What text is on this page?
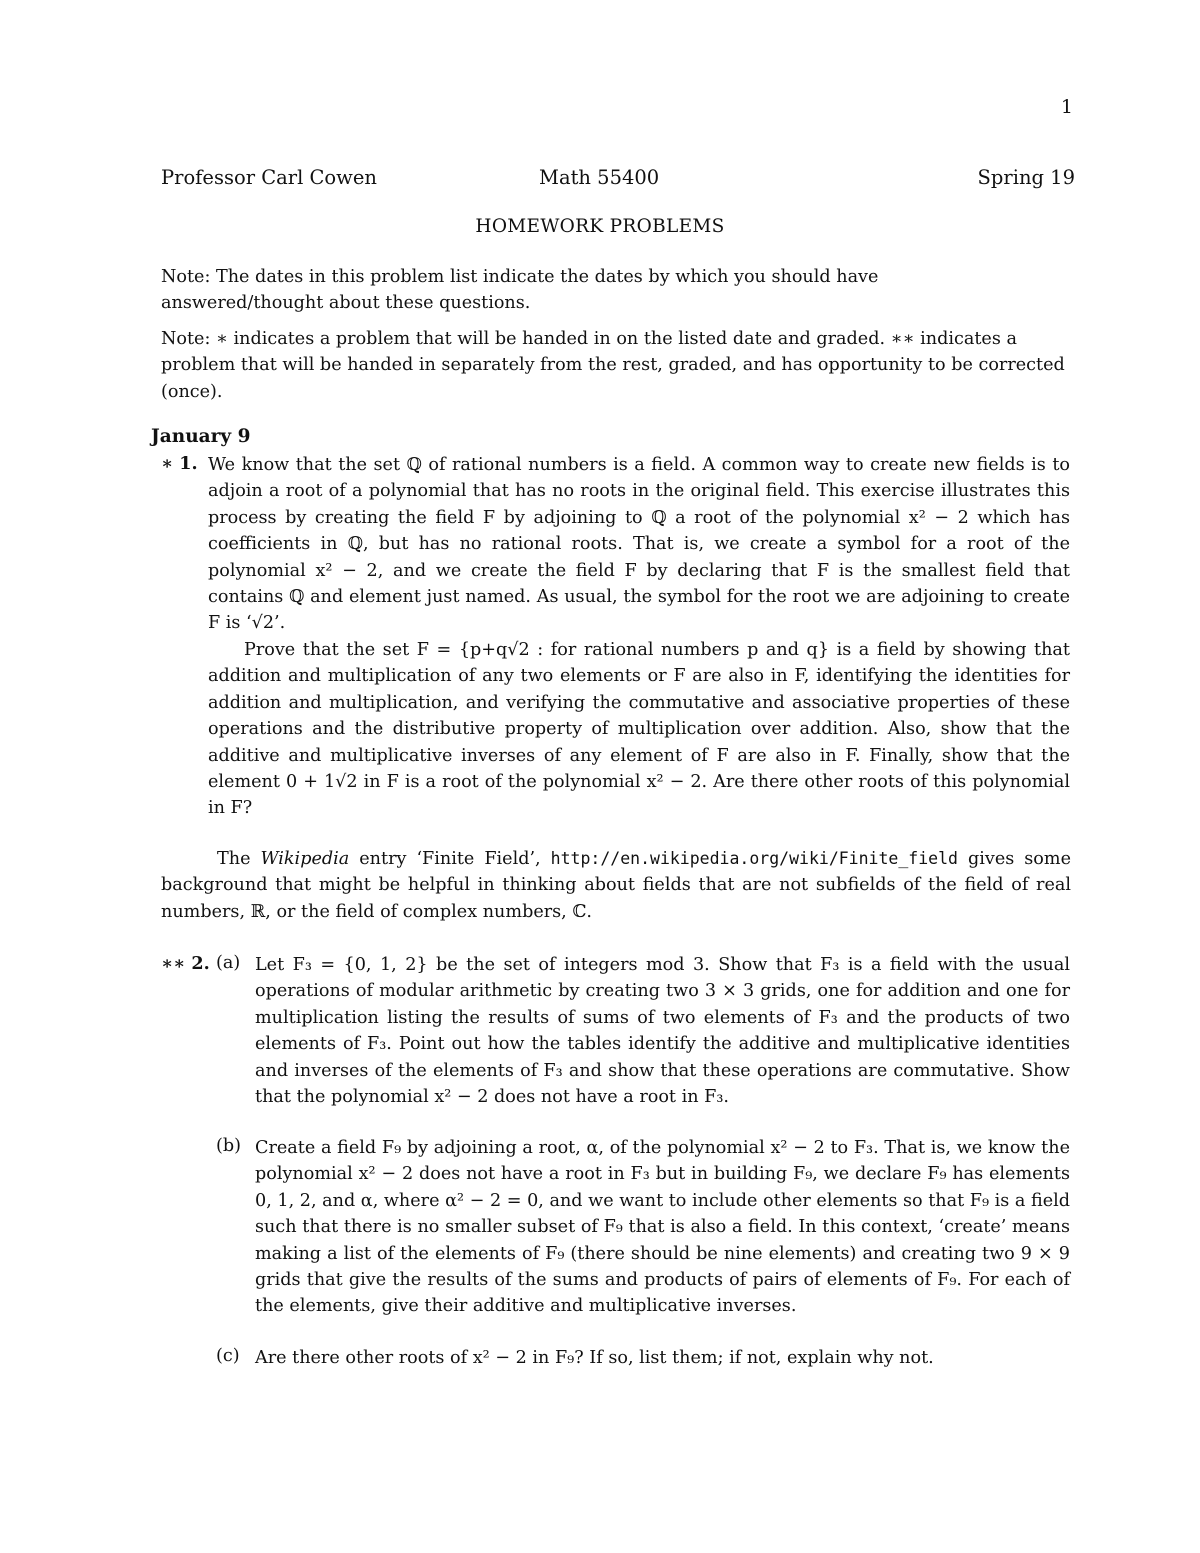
1
Professor Carl Cowen	Math 55400	Spring 19
HOMEWORK PROBLEMS
Note: The dates in this problem list indicate the dates by which you should have answered/thought about these questions.
Note: ∗ indicates a problem that will be handed in on the listed date and graded. ∗∗ indicates a problem that will be handed in separately from the rest, graded, and has opportunity to be corrected (once).
January 9
∗ 1. We know that the set ℚ of rational numbers is a field. A common way to create new fields is to adjoin a root of a polynomial that has no roots in the original field. This exercise illustrates this process by creating the field F by adjoining to ℚ a root of the polynomial x² − 2 which has coefficients in ℚ, but has no rational roots. That is, we create a symbol for a root of the polynomial x² − 2, and we create the field F by declaring that F is the smallest field that contains ℚ and element just named. As usual, the symbol for the root we are adjoining to create F is ‘√2’.
Prove that the set F = {p+q√2 : for rational numbers p and q} is a field by showing that addition and multiplication of any two elements or F are also in F, identifying the identities for addition and multiplication, and verifying the commutative and associative properties of these operations and the distributive property of multiplication over addition. Also, show that the additive and multiplicative inverses of any element of F are also in F. Finally, show that the element 0 + 1√2 in F is a root of the polynomial x² − 2. Are there other roots of this polynomial in F?
The Wikipedia entry ‘Finite Field’, http://en.wikipedia.org/wiki/Finite_field gives some background that might be helpful in thinking about fields that are not subfields of the field of real numbers, ℝ, or the field of complex numbers, ℂ.
∗∗ 2. (a) Let F₃ = {0, 1, 2} be the set of integers mod 3. Show that F₃ is a field with the usual operations of modular arithmetic by creating two 3 × 3 grids, one for addition and one for multiplication listing the results of sums of two elements of F₃ and the products of two elements of F₃. Point out how the tables identify the additive and multiplicative identities and inverses of the elements of F₃ and show that these operations are commutative. Show that the polynomial x² − 2 does not have a root in F₃.
(b) Create a field F₉ by adjoining a root, α, of the polynomial x² − 2 to F₃. That is, we know the polynomial x² − 2 does not have a root in F₃ but in building F₉, we declare F₉ has elements 0, 1, 2, and α, where α² − 2 = 0, and we want to include other elements so that F₉ is a field such that there is no smaller subset of F₉ that is also a field. In this context, ‘create’ means making a list of the elements of F₉ (there should be nine elements) and creating two 9 × 9 grids that give the results of the sums and products of pairs of elements of F₉. For each of the elements, give their additive and multiplicative inverses.
(c) Are there other roots of x² − 2 in F₉? If so, list them; if not, explain why not.
